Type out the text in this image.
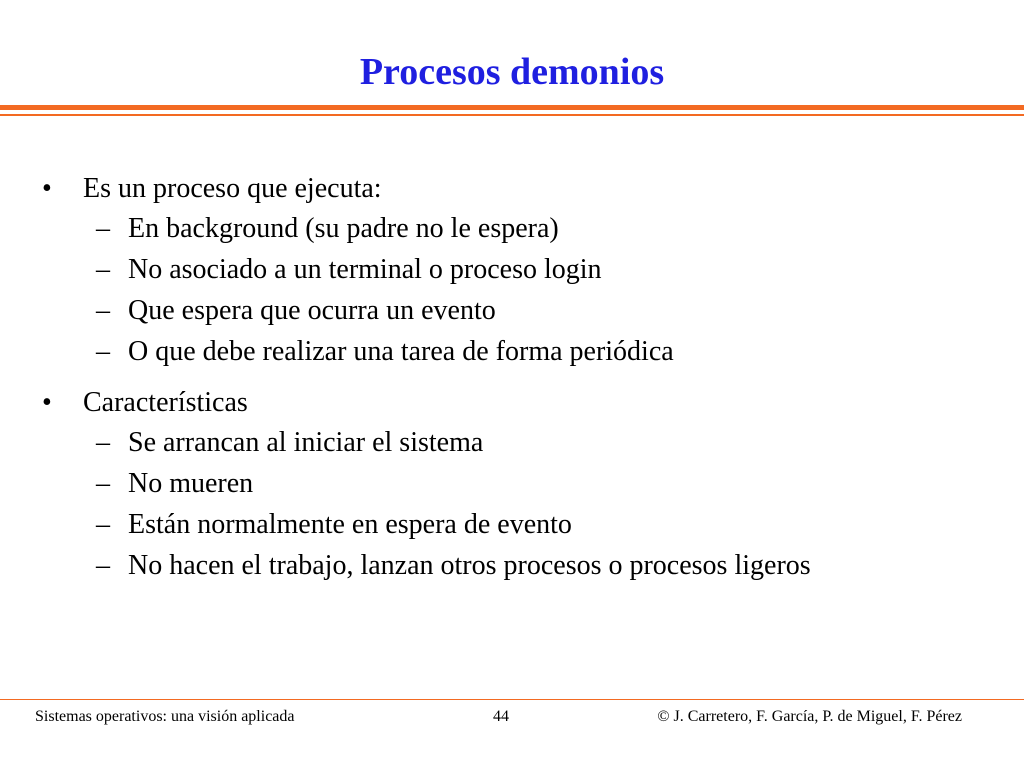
Procesos demonios
• Es un proceso que ejecuta:
– En background (su padre no le espera)
– No asociado a un terminal o proceso login
– Que espera que ocurra un evento
– O que debe realizar una tarea de forma periódica
• Características
– Se arrancan al iniciar el sistema
– No mueren
– Están normalmente en espera de evento
– No hacen el trabajo, lanzan otros procesos o procesos ligeros
Sistemas operativos: una visión aplicada	44	© J. Carretero, F. García, P. de Miguel, F. Pérez
